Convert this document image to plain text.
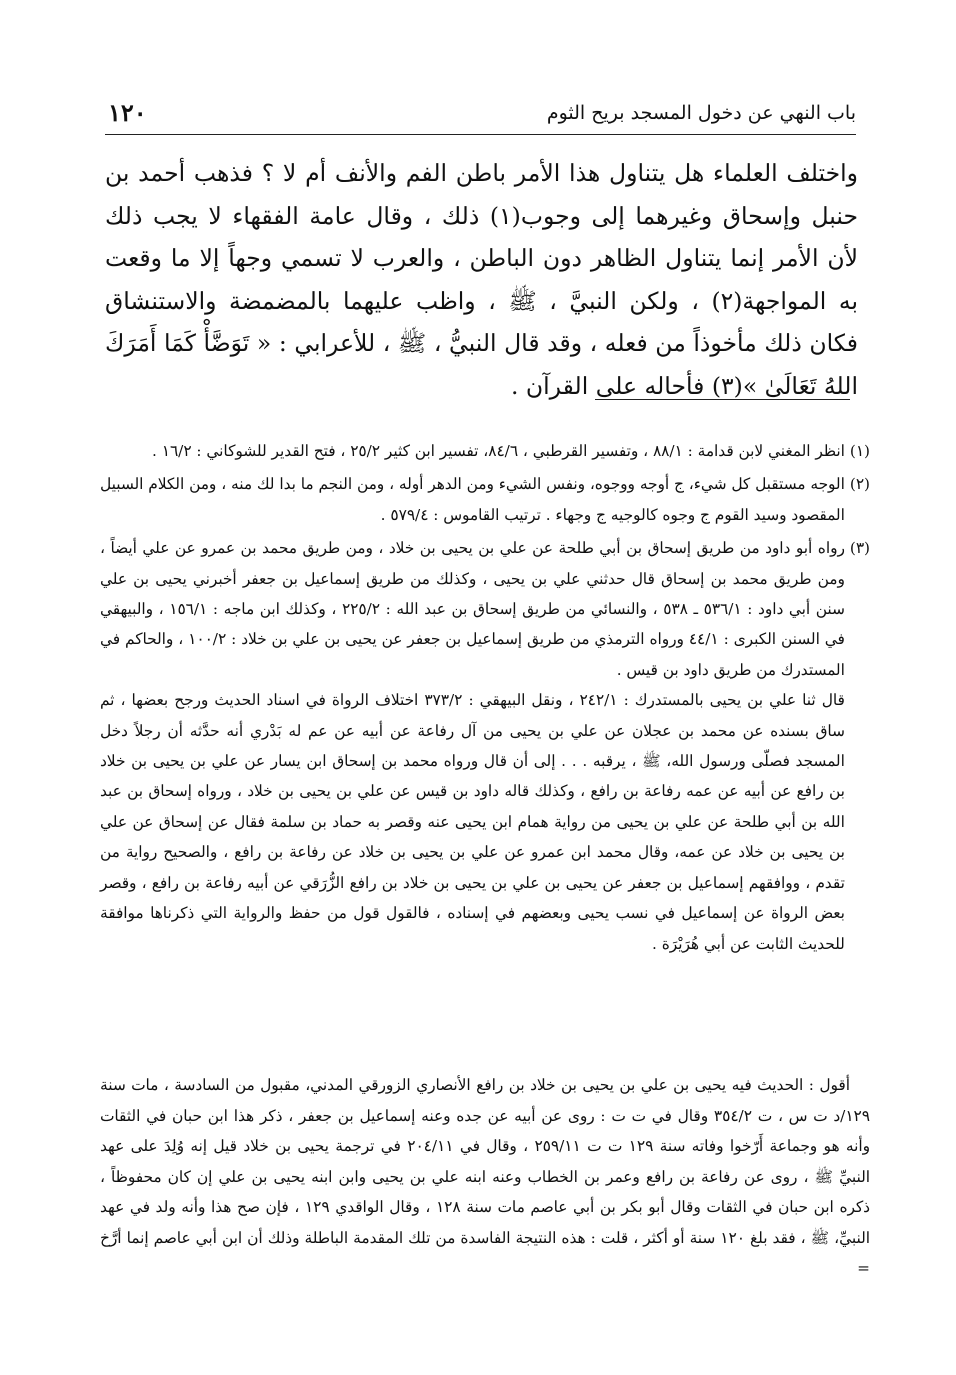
باب النهي عن دخول المسجد بريح الثوم
١٢٠

واختلف العلماء هل يتناول هذا الأمر باطن الفم والأنف أم لا ؟ فذهب أحمد بن حنبل وإسحاق وغيرهما إلى وجوب(١) ذلك ، وقال عامة الفقهاء لا يجب ذلك لأن الأمر إنما يتناول الظاهر دون الباطن ، والعرب لا تسمي وجهاً إلا ما وقعت به المواجهة(٢) ، ولكن النبيَّ ، ﷺ ، واظب عليهما بالمضمضة والاستنشاق فكان ذلك مأخوذاً من فعله ، وقد قال النبيُّ ، ﷺ ، للأعرابي : « تَوَضَّأْ كَمَا أَمَرَكَ اللهُ تَعَالَىٰ »(٣) فأحاله على القرآن .

(١)

انظر المغني لابن قدامة : ٨٨/١ ، وتفسير القرطبي ، ٨٤/٦، تفسير ابن كثير ٢٥/٢ ، فتح القدير للشوكاني : ١٦/٢ .

(٢)

الوجه مستقبل كل شيء، ج أوجه ووجوه، ونفس الشيء ومن الدهر أوله ، ومن النجم ما بدا لك منه ، ومن الكلام السبيل المقصود وسيد القوم ج وجوه كالوجيه ج وجهاء . ترتيب القاموس : ٥٧٩/٤ .

(٣)

رواه أبو داود من طريق إسحاق بن أبي طلحة عن علي بن يحيى بن خلاد ، ومن طريق محمد بن عمرو عن علي أيضاً ، ومن طريق محمد بن إسحاق قال حدثني علي بن يحيى ، وكذلك من طريق إسماعيل بن جعفر أخبرني يحيى بن علي سنن أبي داود : ٥٣٦/١ ـ ٥٣٨ ، والنسائي من طريق إسحاق بن عبد الله : ٢٢٥/٢ ، وكذلك ابن ماجه : ١٥٦/١ ، والبيهقي في السنن الكبرى : ٤٤/١ ورواه الترمذي من طريق إسماعيل بن جعفر عن يحيى بن علي بن خلاد : ١٠٠/٢ ، والحاكم في المستدرك من طريق داود بن قيس .

قال ثنا علي بن يحيى بالمستدرك : ٢٤٢/١ ، ونقل البيهقي : ٣٧٣/٢ اختلاف الرواة في اسناد الحديث ورجح بعضها ، ثم ساق بسنده عن محمد بن عجلان عن علي بن يحيى من آل رفاعة عن أبيه عن عم له بَدْري أنه حدَّثه أن رجلاً دخل المسجد فصلّى ورسول الله، ﷺ ، يرقبه . . . إلى أن قال ورواه محمد بن إسحاق ابن يسار عن علي بن يحيى بن خلاد بن رافع عن أبيه عن عمه رفاعة بن رافع ، وكذلك قاله داود بن قيس عن علي بن يحيى بن خلاد ، ورواه إسحاق بن عبد الله بن أبي طلحة عن علي بن يحيى من رواية همام ابن يحيى عنه وقصر به حماد بن سلمة فقال عن إسحاق عن علي بن يحيى بن خلاد عن عمه، وقال محمد ابن عمرو عن علي بن يحيى بن خلاد عن رفاعة بن رافع ، والصحيح رواية من تقدم ، ووافقهم إسماعيل بن جعفر عن يحيى بن علي بن يحيى بن خلاد بن رافع الزُّرَقي عن أبيه رفاعة بن رافع ، وقصر بعض الرواة عن إسماعيل في نسب يحيى وبعضهم في إسناده ، فالقول قول من حفظ والرواية التي ذكرناها موافقة للحديث الثابت عن أبي هُرَيْرَة .

أقول : الحديث فيه يحيى بن علي بن يحيى بن خلاد بن رافع الأنصاري الزورقي المدني، مقبول من السادسة ، مات سنة ١٢٩/د ت س ، ت ٣٥٤/٢ وقال في ت ت : روى عن أبيه عن جده وعنه إسماعيل بن جعفر ، ذكر هذا ابن حبان في الثقات وأنه هو وجماعة أَرّخوا وفاته سنة ١٢٩ ت ت ٢٥٩/١١ ، وقال في ٢٠٤/١١ في ترجمة يحيى بن خلاد قيل إنه وُلِدَ على عهد النبيِّ ﷺ ، روى عن رفاعة بن رافع وعمر بن الخطاب وعنه ابنه علي بن يحيى وابن ابنه يحيى بن علي إن كان محفوظاً ، ذكره ابن حبان في الثقات وقال أبو بكر بن أبي عاصم مات سنة ١٢٨ ، وقال الواقدي ١٢٩ ، فإن صح هذا وأنه ولد في عهد النبيِّ، ﷺ ، فقد بلغ ١٢٠ سنة أو أكثر ، قلت : هذه النتيجة الفاسدة من تلك المقدمة الباطلة وذلك أن ابن أبي عاصم إنما أرَّخ =
